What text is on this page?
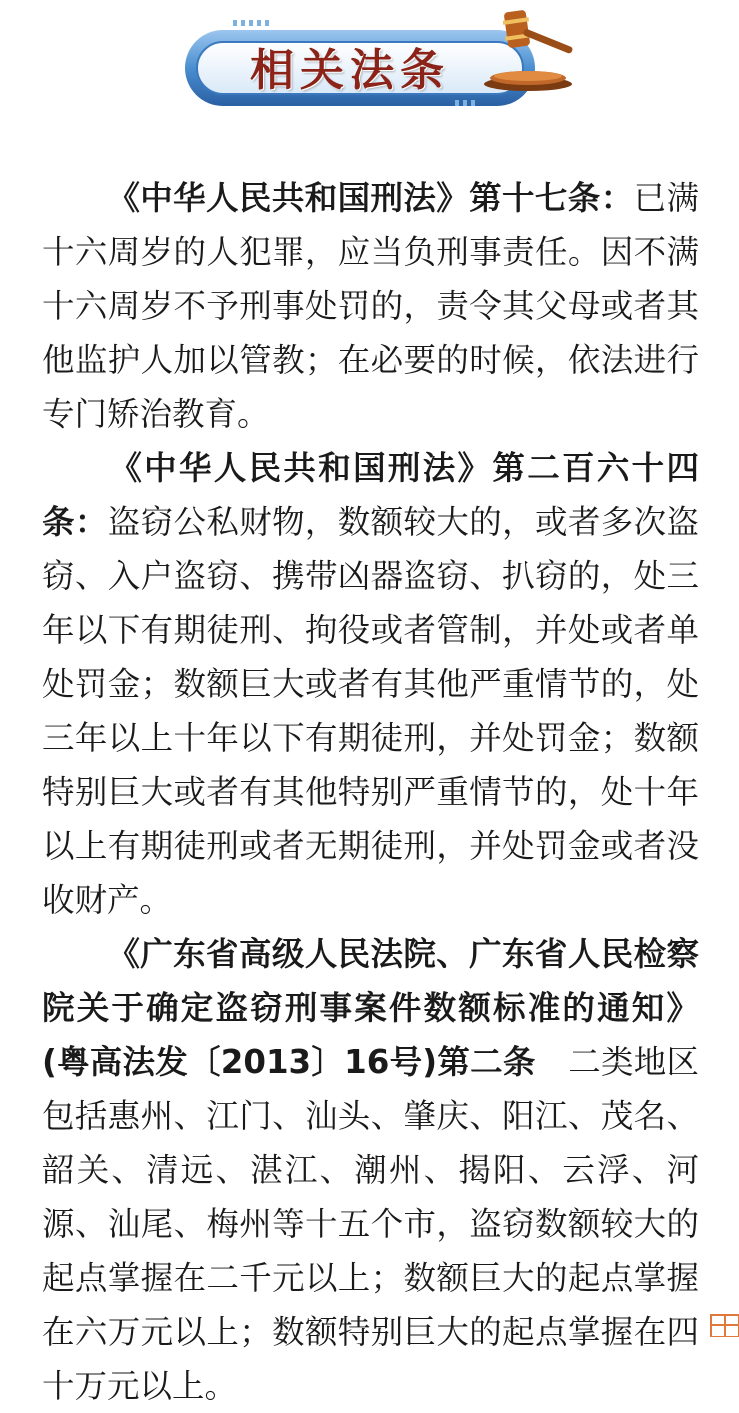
相关法条

《中华人民共和国刑法》第十七条：已满十六周岁的人犯罪，应当负刑事责任。因不满十六周岁不予刑事处罚的，责令其父母或者其他监护人加以管教；在必要的时候，依法进行专门矫治教育。

《中华人民共和国刑法》第二百六十四条：盗窃公私财物，数额较大的，或者多次盗窃、入户盗窃、携带凶器盗窃、扒窃的，处三年以下有期徒刑、拘役或者管制，并处或者单处罚金；数额巨大或者有其他严重情节的，处三年以上十年以下有期徒刑，并处罚金；数额特别巨大或者有其他特别严重情节的，处十年以上有期徒刑或者无期徒刑，并处罚金或者没收财产。

《广东省高级人民法院、广东省人民检察院关于确定盗窃刑事案件数额标准的通知》(粤高法发〔2013〕16号)第二条　二类地区包括惠州、江门、汕头、肇庆、阳江、茂名、韶关、清远、湛江、潮州、揭阳、云浮、河源、汕尾、梅州等十五个市，盗窃数额较大的起点掌握在二千元以上；数额巨大的起点掌握在六万元以上；数额特别巨大的起点掌握在四十万元以上。
